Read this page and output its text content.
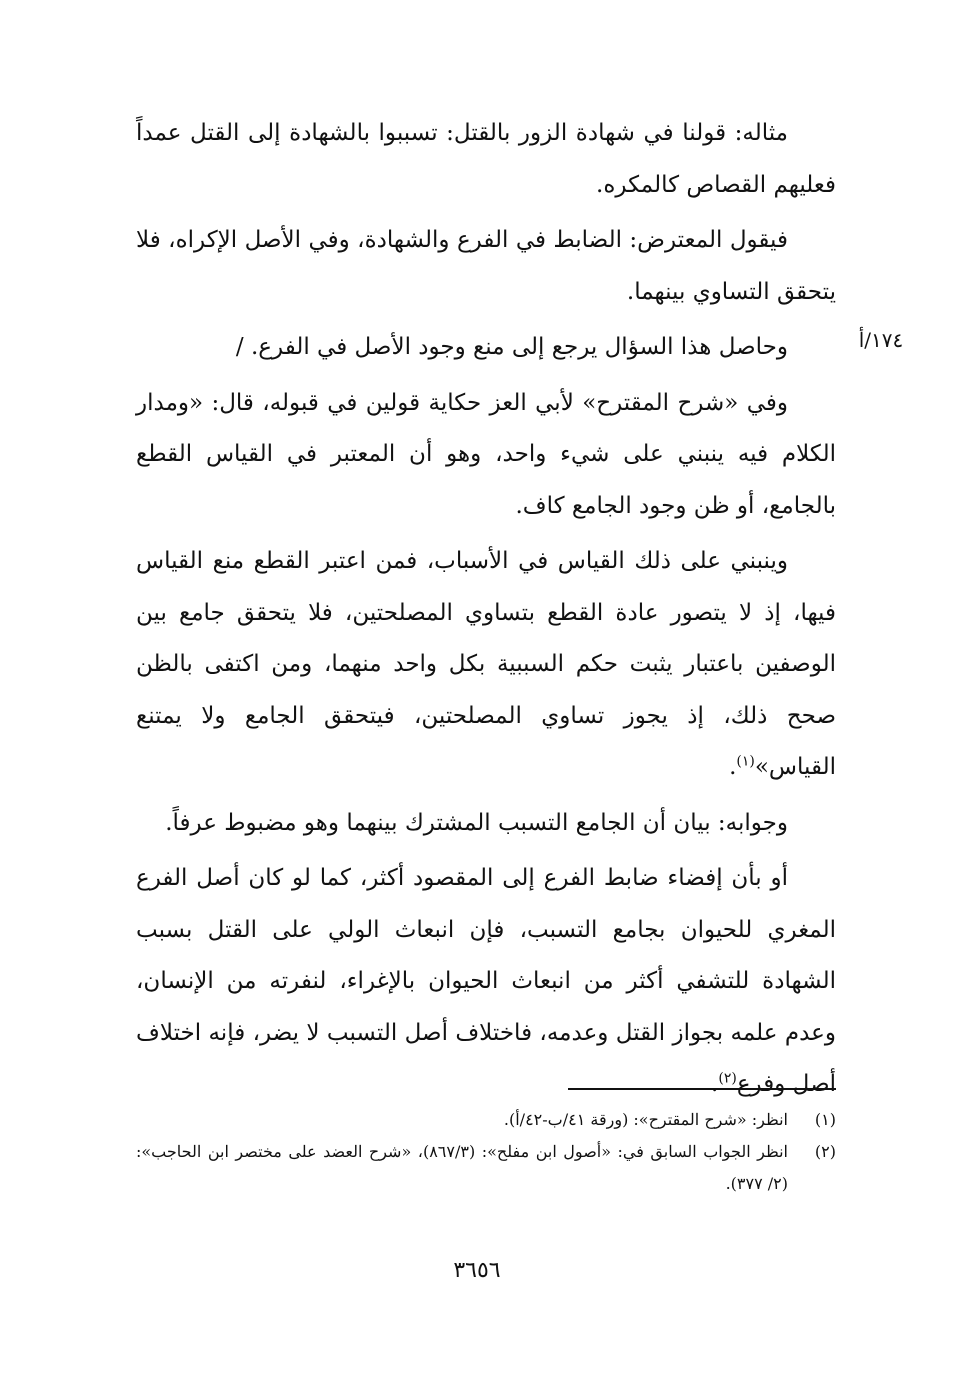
١٧٤/أ

مثاله: قولنا في شهادة الزور بالقتل: تسببوا بالشهادة إلى القتل عمداً فعليهم القصاص كالمكره.

فيقول المعترض: الضابط في الفرع والشهادة، وفي الأصل الإكراه، فلا يتحقق التساوي بينهما.

وحاصل هذا السؤال يرجع إلى منع وجود الأصل في الفرع. /

وفي «شرح المقترح» لأبي العز حكاية قولين في قبوله، قال: «ومدار الكلام فيه ينبني على شيء واحد، وهو أن المعتبر في القياس القطع بالجامع، أو ظن وجود الجامع كاف.

وينبني على ذلك القياس في الأسباب، فمن اعتبر القطع منع القياس فيها، إذ لا يتصور عادة القطع بتساوي المصلحتين، فلا يتحقق جامع بين الوصفين باعتبار يثبت حكم السببية بكل واحد منهما، ومن اكتفى بالظن صحح ذلك، إذ يجوز تساوي المصلحتين، فيتحقق الجامع ولا يمتنع القياس»$^{(١)}$.

وجوابه: بيان أن الجامع التسبب المشترك بينهما وهو مضبوط عرفاً.

أو بأن إفضاء ضابط الفرع إلى المقصود أكثر، كما لو كان أصل الفرع المغري للحيوان بجامع التسبب، فإن انبعاث الولي على القتل بسبب الشهادة للتشفي أكثر من انبعاث الحيوان بالإغراء، لنفرته من الإنسان، وعدم علمه بجواز القتل وعدمه، فاختلاف أصل التسبب لا يضر، فإنه اختلاف أصل وفرع$^{(٢)}$.

(١)
انظر: «شرح المقترح»: (ورقة ٤١/ب-٤٢/أ).
(٢)
انظر الجواب السابق في: «أصول ابن مفلح»: (٨٦٧/٣)، «شرح العضد على مختصر ابن الحاجب»: (٢/ ٣٧٧).
٣٦٥٦
